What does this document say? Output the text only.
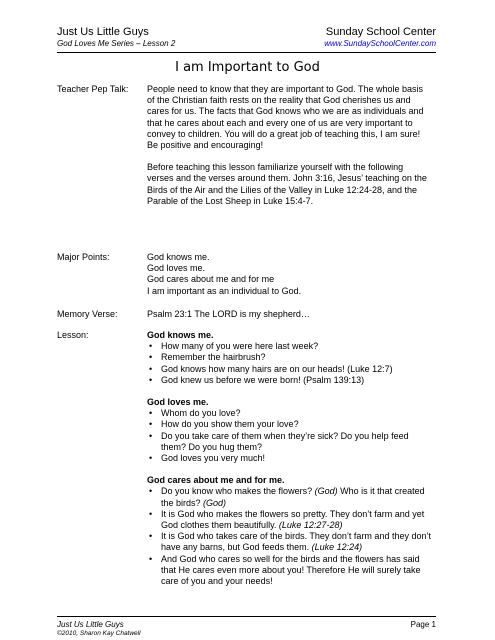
Just Us Little Guys
God Loves Me Series – Lesson 2
Sunday School Center
www.SundaySchoolCenter.com
I am Important to God
Teacher Pep Talk:	People need to know that they are important to God. The whole basis of the Christian faith rests on the reality that God cherishes us and cares for us. The facts that God knows who we are as individuals and that he cares about each and every one of us are very important to convey to children. You will do a great job of teaching this, I am sure! Be positive and encouraging!

Before teaching this lesson familiarize yourself with the following verses and the verses around them. John 3:16, Jesus’ teaching on the Birds of the Air and the Lilies of the Valley in Luke 12:24-28, and the Parable of the Lost Sheep in Luke 15:4-7.

Major Points:	God knows me.
God loves me.
God cares about me and for me
I am important as an individual to God.
Memory Verse:	Psalm 23:1 The LORD is my shepherd…
Lesson:	God knows me.
• How many of you were here last week?
• Remember the hairbrush?
• God knows how many hairs are on our heads! (Luke 12:7)
• God knew us before we were born! (Psalm 139:13)
God loves me.
• Whom do you love?
• How do you show them your love?
• Do you take care of them when they’re sick? Do you help feed them? Do you hug them?
• God loves you very much!
God cares about me and for me.
• Do you know who makes the flowers? (God) Who is it that created the birds? (God)
• It is God who makes the flowers so pretty. They don’t farm and yet God clothes them beautifully. (Luke 12:27-28)
• It is God who takes care of the birds. They don’t farm and they don’t have any barns, but God feeds them. (Luke 12:24)
• And God who cares so well for the birds and the flowers has said that He cares even more about you! Therefore He will surely take care of you and your needs!
Just Us Little Guys
©2010, Sharon Kay Chatwell
Page 1
